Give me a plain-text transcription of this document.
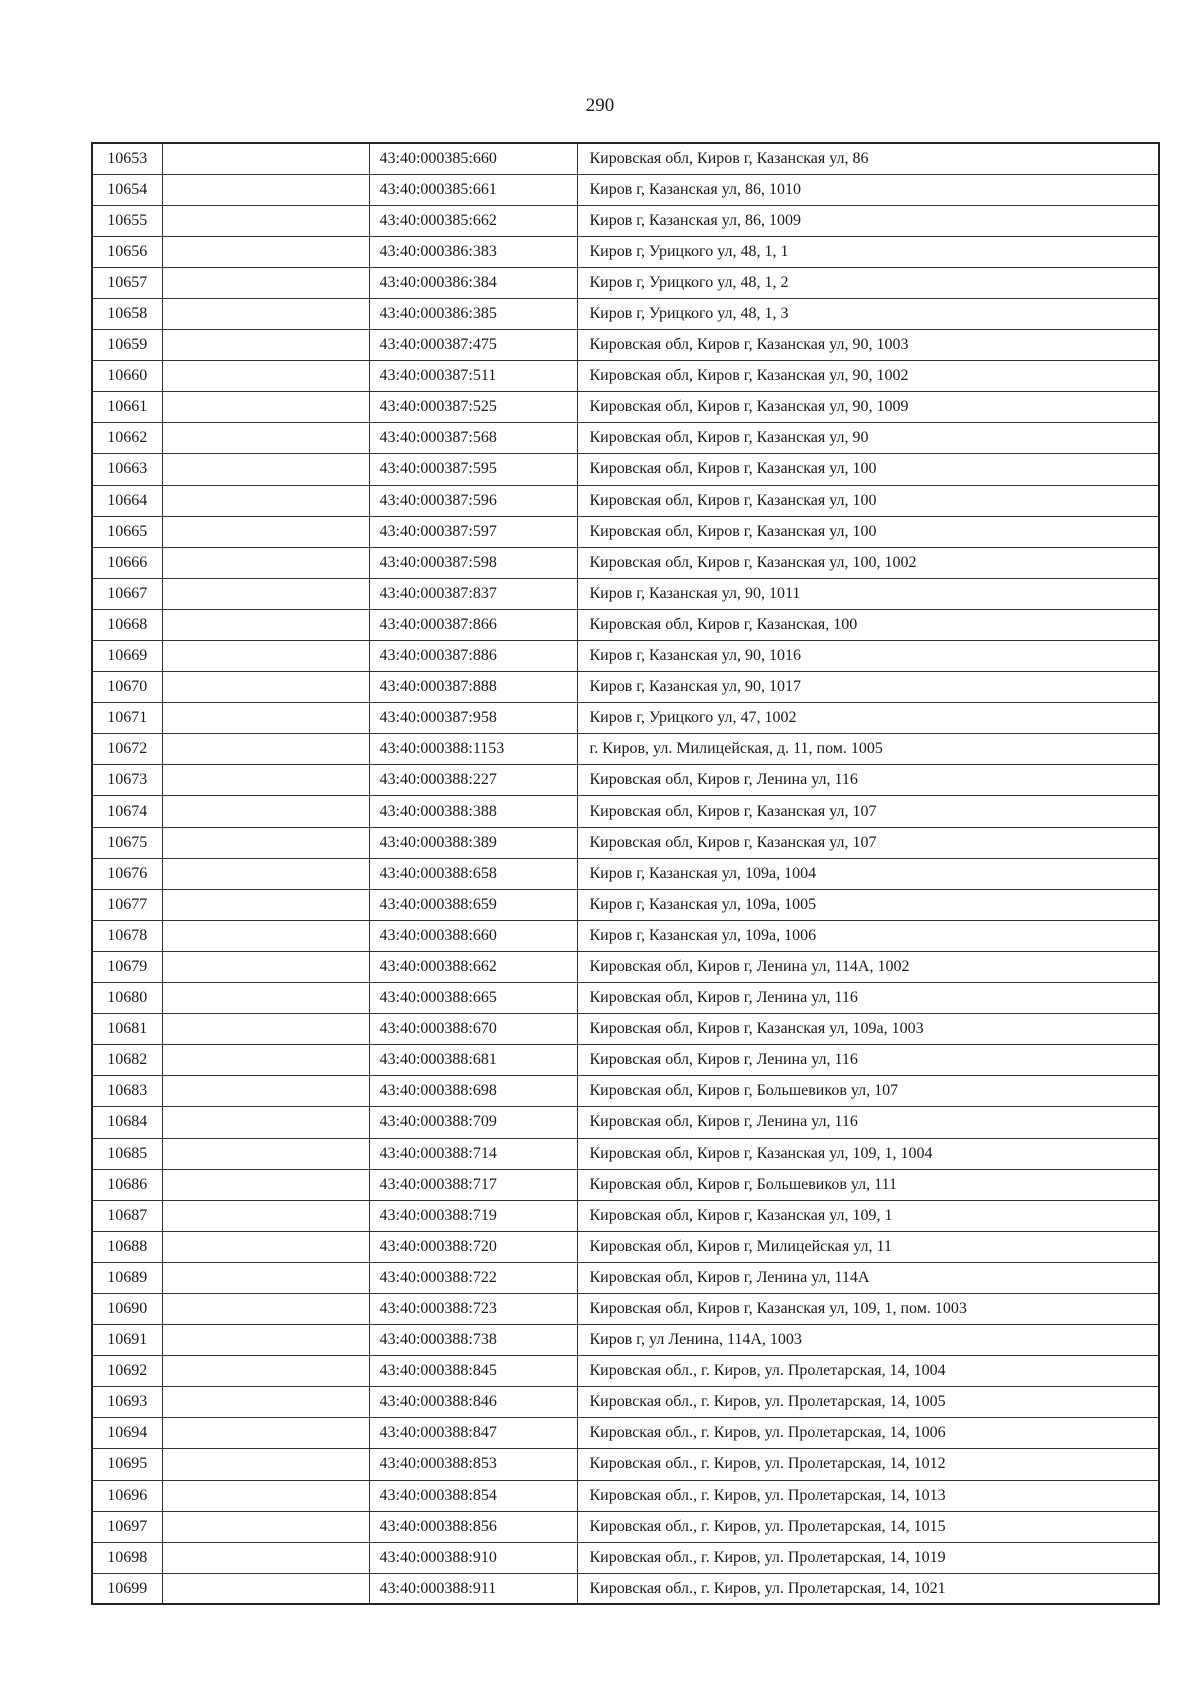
290
10653		43:40:000385:660	Кировская обл, Киров г, Казанская ул, 86
10654		43:40:000385:661	Киров г, Казанская ул, 86, 1010
10655		43:40:000385:662	Киров г, Казанская ул, 86, 1009
10656		43:40:000386:383	Киров г, Урицкого ул, 48, 1, 1
10657		43:40:000386:384	Киров г, Урицкого ул, 48, 1, 2
10658		43:40:000386:385	Киров г, Урицкого ул, 48, 1, 3
10659		43:40:000387:475	Кировская обл, Киров г, Казанская ул, 90, 1003
10660		43:40:000387:511	Кировская обл, Киров г, Казанская ул, 90, 1002
10661		43:40:000387:525	Кировская обл, Киров г, Казанская ул, 90, 1009
10662		43:40:000387:568	Кировская обл, Киров г, Казанская ул, 90
10663		43:40:000387:595	Кировская обл, Киров г, Казанская ул, 100
10664		43:40:000387:596	Кировская обл, Киров г, Казанская ул, 100
10665		43:40:000387:597	Кировская обл, Киров г, Казанская ул, 100
10666		43:40:000387:598	Кировская обл, Киров г, Казанская ул, 100, 1002
10667		43:40:000387:837	Киров г, Казанская ул, 90, 1011
10668		43:40:000387:866	Кировская обл, Киров г, Казанская, 100
10669		43:40:000387:886	Киров г, Казанская ул, 90, 1016
10670		43:40:000387:888	Киров г, Казанская ул, 90, 1017
10671		43:40:000387:958	Киров г, Урицкого ул, 47, 1002
10672		43:40:000388:1153	г. Киров, ул. Милицейская, д. 11, пом. 1005
10673		43:40:000388:227	Кировская обл, Киров г, Ленина ул, 116
10674		43:40:000388:388	Кировская обл, Киров г, Казанская ул, 107
10675		43:40:000388:389	Кировская обл, Киров г, Казанская ул, 107
10676		43:40:000388:658	Киров г, Казанская ул, 109а, 1004
10677		43:40:000388:659	Киров г, Казанская ул, 109а, 1005
10678		43:40:000388:660	Киров г, Казанская ул, 109а, 1006
10679		43:40:000388:662	Кировская обл, Киров г, Ленина ул, 114А, 1002
10680		43:40:000388:665	Кировская обл, Киров г, Ленина ул, 116
10681		43:40:000388:670	Кировская обл, Киров г, Казанская ул, 109а, 1003
10682		43:40:000388:681	Кировская обл, Киров г, Ленина ул, 116
10683		43:40:000388:698	Кировская обл, Киров г, Большевиков ул, 107
10684		43:40:000388:709	Кировская обл, Киров г, Ленина ул, 116
10685		43:40:000388:714	Кировская обл, Киров г, Казанская ул, 109, 1, 1004
10686		43:40:000388:717	Кировская обл, Киров г, Большевиков ул, 111
10687		43:40:000388:719	Кировская обл, Киров г, Казанская ул, 109, 1
10688		43:40:000388:720	Кировская обл, Киров г, Милицейская ул, 11
10689		43:40:000388:722	Кировская обл, Киров г, Ленина ул, 114А
10690		43:40:000388:723	Кировская обл, Киров г, Казанская ул, 109, 1, пом. 1003
10691		43:40:000388:738	Киров г, ул Ленина, 114А, 1003
10692		43:40:000388:845	Кировская обл., г. Киров, ул. Пролетарская, 14, 1004
10693		43:40:000388:846	Кировская обл., г. Киров, ул. Пролетарская, 14, 1005
10694		43:40:000388:847	Кировская обл., г. Киров, ул. Пролетарская, 14, 1006
10695		43:40:000388:853	Кировская обл., г. Киров, ул. Пролетарская, 14, 1012
10696		43:40:000388:854	Кировская обл., г. Киров, ул. Пролетарская, 14, 1013
10697		43:40:000388:856	Кировская обл., г. Киров, ул. Пролетарская, 14, 1015
10698		43:40:000388:910	Кировская обл., г. Киров, ул. Пролетарская, 14, 1019
10699		43:40:000388:911	Кировская обл., г. Киров, ул. Пролетарская, 14, 1021
